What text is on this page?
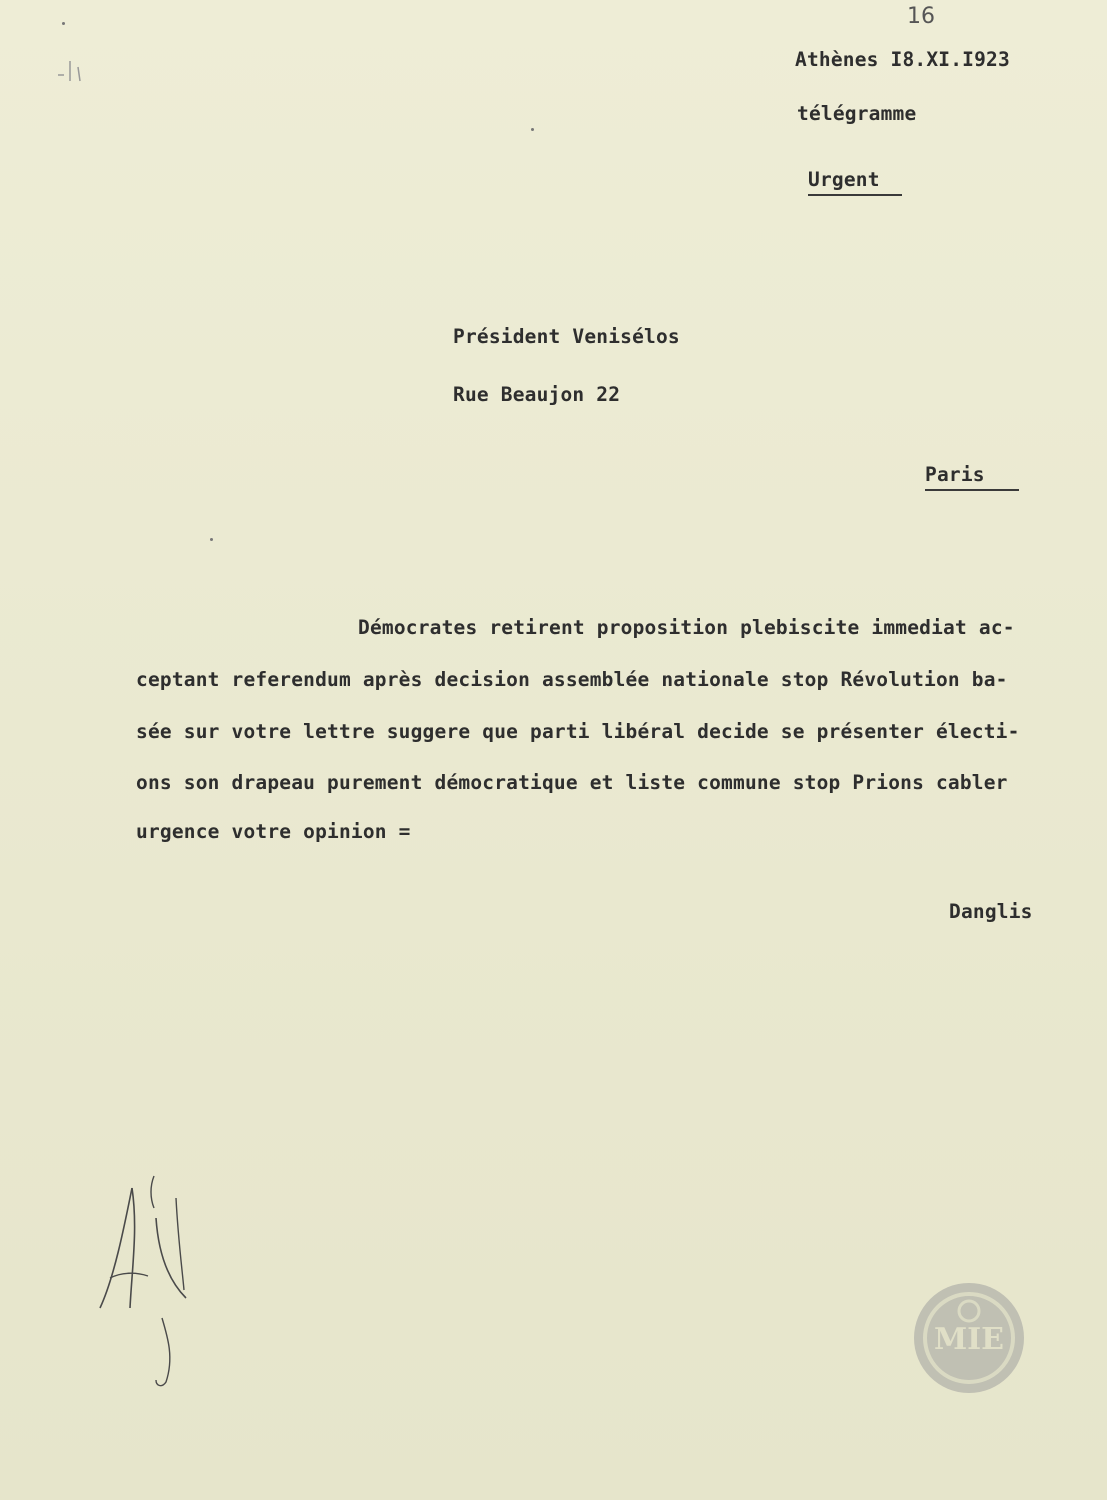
16
Athènes I8.XI.I923
télégramme
Urgent
Président Venisélos
Rue Beaujon 22
Paris
Démocrates retirent proposition plebiscite immediat ac-
ceptant referendum après decision assemblée nationale stop Révolution ba-
sée sur votre lettre suggere que parti libéral decide se présenter électi-
ons son drapeau purement démocratique et liste commune stop Prions cabler
urgence votre opinion =
Danglis
ΜΙΕ
